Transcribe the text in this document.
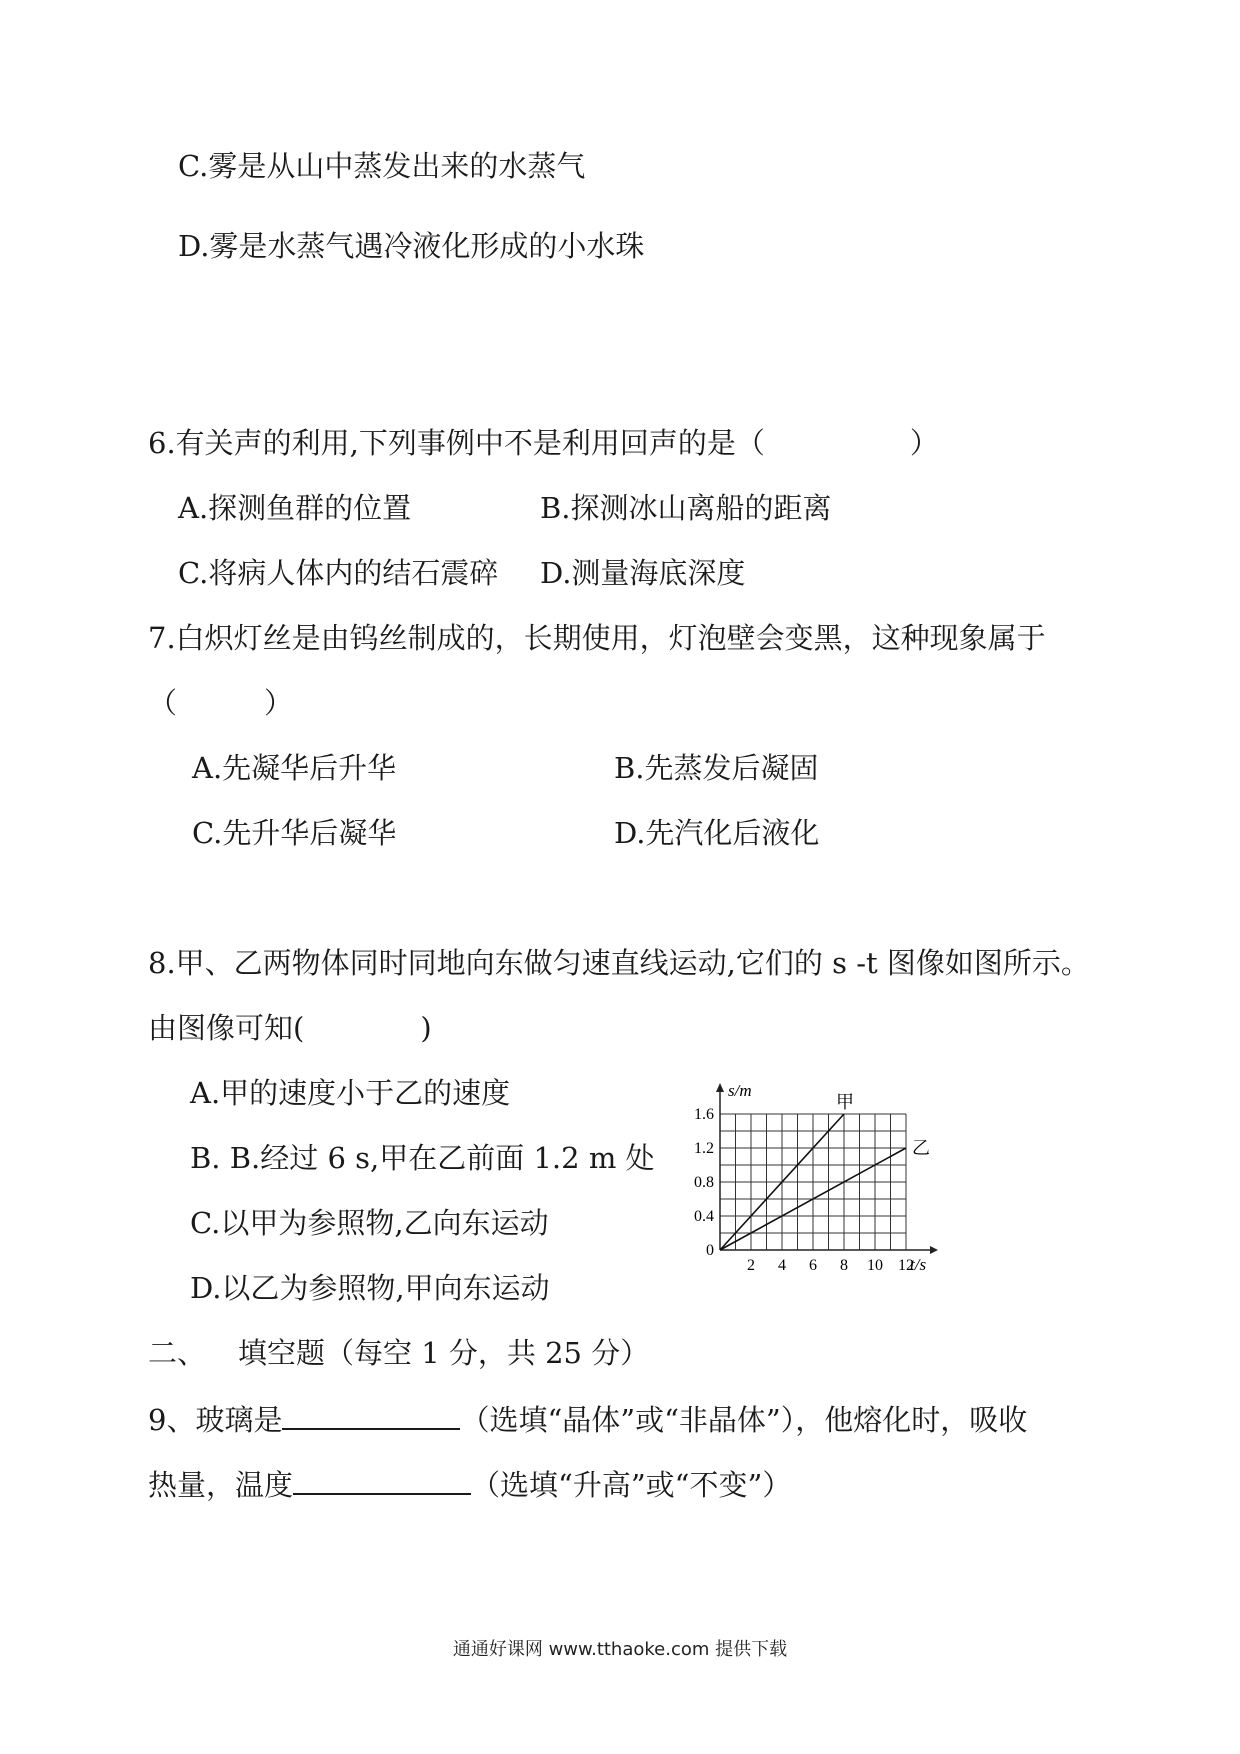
C.雾是从山中蒸发出来的水蒸气
D.雾是水蒸气遇冷液化形成的小水珠
6.有关声的利用,下列事例中不是利用回声的是（　　　　　）
A.探测鱼群的位置	B.探测冰山离船的距离
C.将病人体内的结石震碎 D.测量海底深度
7.白炽灯丝是由钨丝制成的，长期使用，灯泡壁会变黑，这种现象属于
（　　　）
A.先凝华后升华	B.先蒸发后凝固
C.先升华后凝华	D.先汽化后液化
8.甲、乙两物体同时同地向东做匀速直线运动,它们的 s -t 图像如图所示。
由图像可知(　　　　)
A.甲的速度小于乙的速度
B. B.经过 6 s,甲在乙前面 1.2 m 处
C.以甲为参照物,乙向东运动
D.以乙为参照物,甲向东运动
甲
乙
2 4 6 8 10 12
0
0.4
0.8
1.2
1.6
s/m
t/s
二、 填空题（每空 1 分，共 25 分）
9、玻璃是	（选填“晶体”或“非晶体”），他熔化时，吸收
热量，温度	（选填“升高”或“不变”）
通通好课网 www.tthaoke.com 提供下载
